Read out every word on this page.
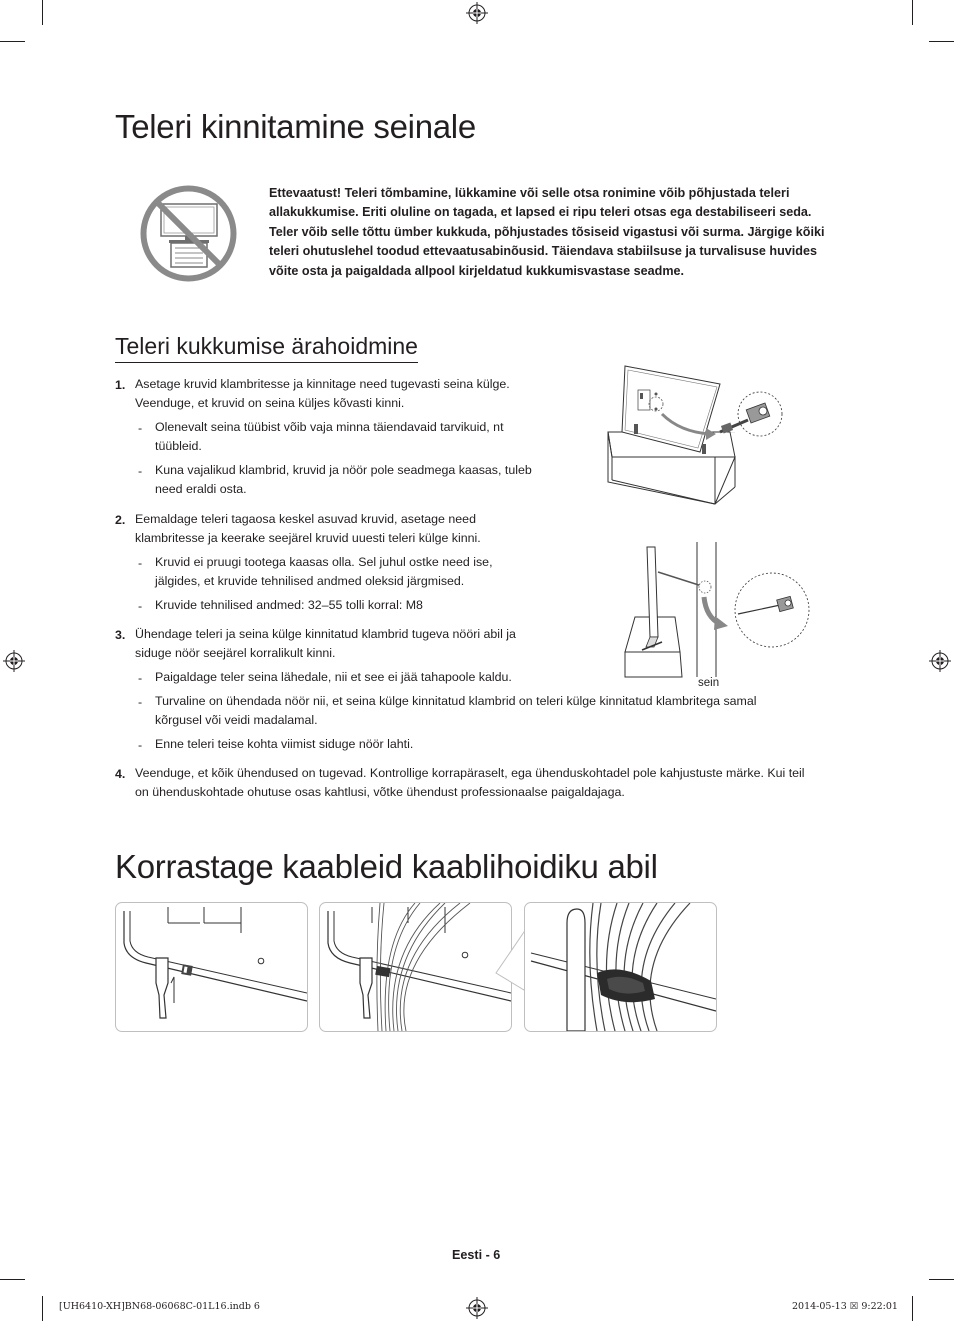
Teleri kinnitamine seinale
Ettevaatust! Teleri tõmbamine, lükkamine või selle otsa ronimine võib põhjustada teleri allakukkumise. Eriti oluline on tagada, et lapsed ei ripu teleri otsas ega destabiliseeri seda. Teler võib selle tõttu ümber kukkuda, põhjustades tõsiseid vigastusi või surma. Järgige kõiki teleri ohutuslehel toodud ettevaatusabinõusid. Täiendava stabiilsuse ja turvalisuse huvides võite osta ja paigaldada allpool kirjeldatud kukkumisvastase seadme.
Teleri kukkumise ärahoidmine
1. Asetage kruvid klambritesse ja kinnitage need tugevasti seina külge.
Veenduge, et kruvid on seina küljes kõvasti kinni.
- Olenevalt seina tüübist võib vaja minna täiendavaid tarvikuid, nt
tüübleid.
- Kuna vajalikud klambrid, kruvid ja nöör pole seadmega kaasas, tuleb
need eraldi osta.
2. Eemaldage teleri tagaosa keskel asuvad kruvid, asetage need
klambritesse ja keerake seejärel kruvid uuesti teleri külge kinni.
- Kruvid ei pruugi tootega kaasas olla. Sel juhul ostke need ise,
jälgides, et kruvide tehnilised andmed oleksid järgmised.
- Kruvide tehnilised andmed: 32–55 tolli korral: M8
3. Ühendage teleri ja seina külge kinnitatud klambrid tugeva nööri abil ja
siduge nöör seejärel korralikult kinni.
- Paigaldage teler seina lähedale, nii et see ei jää tahapoole kaldu.
- Turvaline on ühendada nöör nii, et seina külge kinnitatud klambrid on teleri külge kinnitatud klambritega samal
kõrgusel või veidi madalamal.
- Enne teleri teise kohta viimist siduge nöör lahti.
4. Veenduge, et kõik ühendused on tugevad. Kontrollige korrapäraselt, ega ühenduskohtadel pole kahjustuste märke. Kui teil
on ühenduskohtade ohutuse osas kahtlusi, võtke ühendust professionaalse paigaldajaga.
sein
Korrastage kaableid kaablihoidiku abil
Eesti - 6
[UH6410-XH]BN68-06068C-01L16.indb 6	2014-05-13 ☒ 9:22:01
